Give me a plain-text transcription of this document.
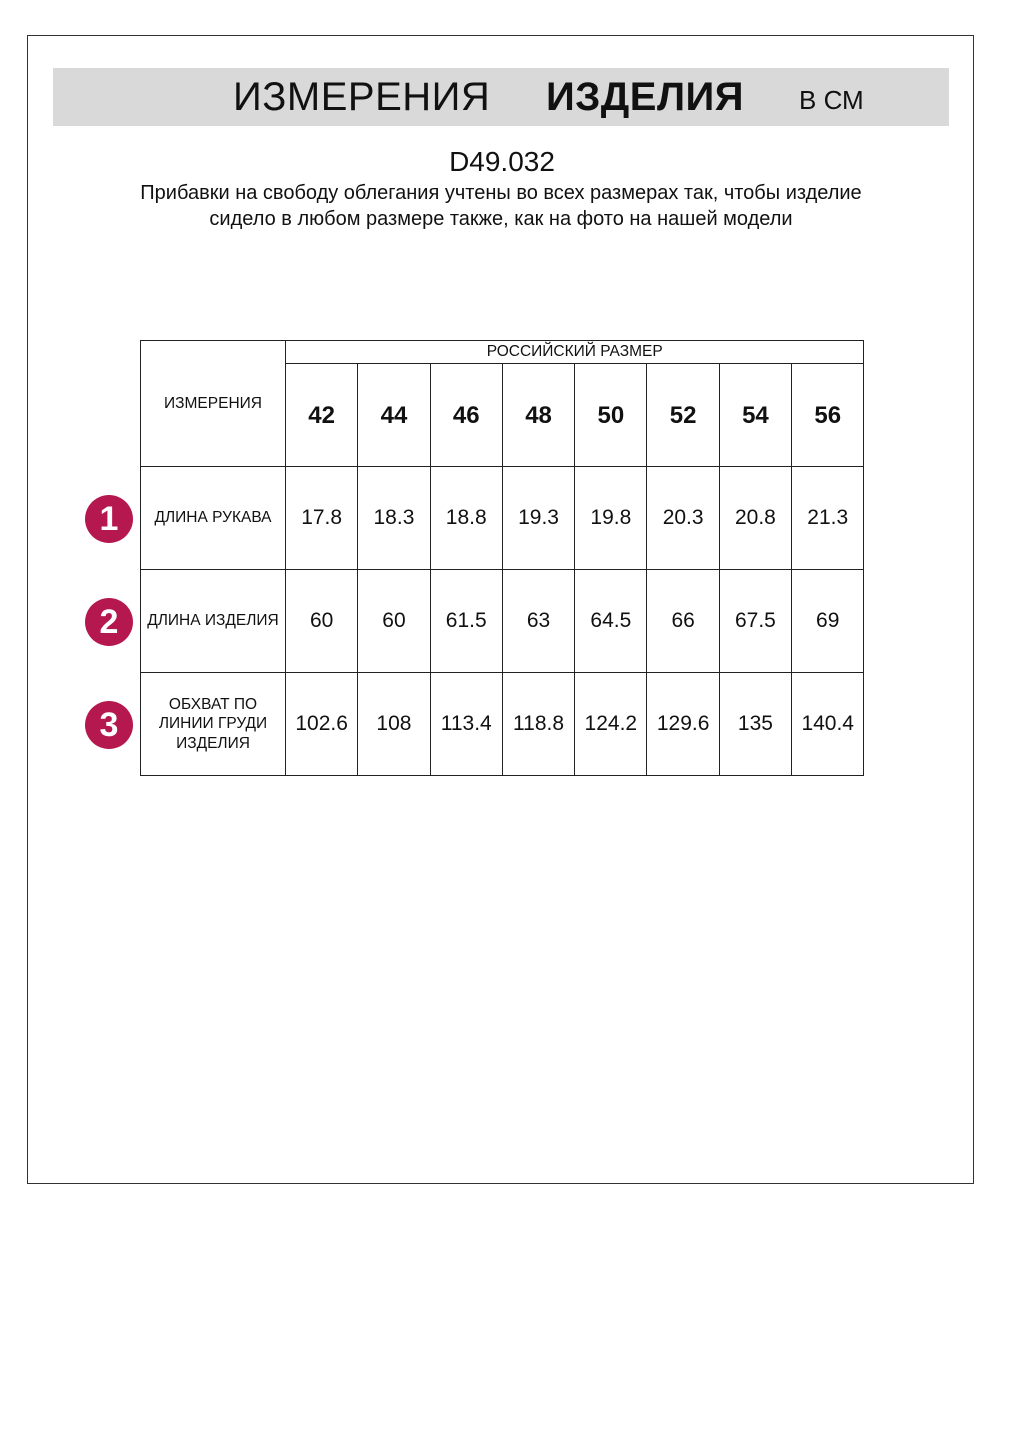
ИЗМЕРЕНИЯ ИЗДЕЛИЯ В СМ
D49.032
Прибавки на свободу облегания учтены во всех размерах так, чтобы изделие сидело в любом размере также, как на фото на нашей модели
ИЗМЕРЕНИЯ	РОССИЙСКИЙ РАЗМЕР							
	42	44	46	48	50	52	54	56
ДЛИНА РУКАВА	17.8	18.3	18.8	19.3	19.8	20.3	20.8	21.3
ДЛИНА ИЗДЕЛИЯ	60	60	61.5	63	64.5	66	67.5	69
ОБХВАТ ПО ЛИНИИ ГРУДИ ИЗДЕЛИЯ	102.6	108	113.4	118.8	124.2	129.6	135	140.4
1
2
3
